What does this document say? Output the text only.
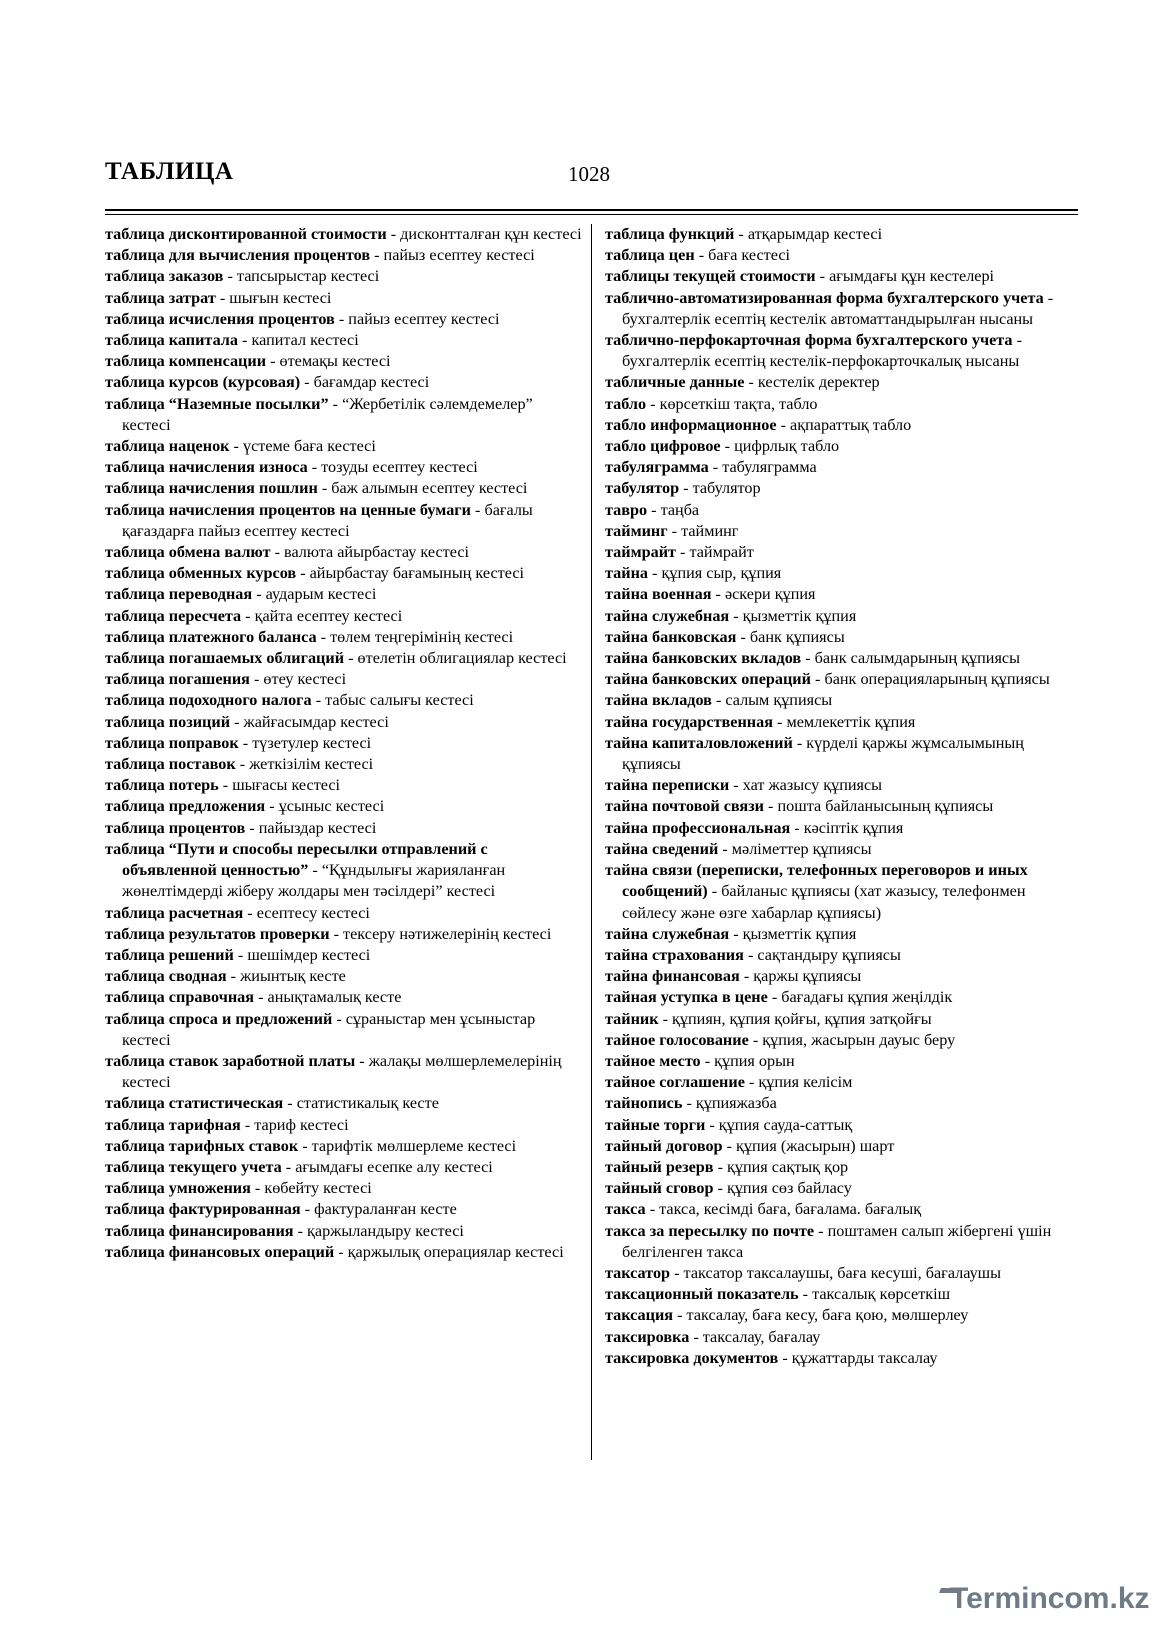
ТАБЛИЦА	1028

таблица дисконтированной стоимости - дисконтталған құн кестесі

таблица для вычисления процентов - пайыз есептеу кестесі

таблица заказов - тапсырыстар кестесі

таблица затрат - шығын кестесі

таблица исчисления процентов - пайыз есептеу кестесі

таблица капитала - капитал кестесі

таблица компенсации - өтемақы кестесі

таблица курсов (курсовая) - бағамдар кестесі

таблица “Наземные посылки” - “Жербетілік сәлемдемелер” кестесі

таблица наценок - үстеме баға кестесі

таблица начисления износа - тозуды есептеу кестесі

таблица начисления пошлин - баж алымын есептеу кестесі

таблица начисления процентов на ценные бумаги - бағалы қағаздарға пайыз есептеу кестесі

таблица обмена валют - валюта айырбастау кестесі

таблица обменных курсов - айырбастау бағамының кестесі

таблица переводная - аударым кестесі

таблица пересчета - қайта есептеу кестесі

таблица платежного баланса - төлем теңгерімінің кестесі

таблица погашаемых облигаций - өтелетін облигациялар кестесі

таблица погашения - өтеу кестесі

таблица подоходного налога - табыс салығы кестесі

таблица позиций - жайғасымдар кестесі

таблица поправок - түзетулер кестесі

таблица поставок - жеткізілім кестесі

таблица потерь - шығасы кестесі

таблица предложения - ұсыныс кестесі

таблица процентов - пайыздар кестесі

таблица “Пути и способы пересылки отправлений с объявленной ценностью” - “Құндылығы жарияланған жөнелтімдерді жіберу жолдары мен тәсілдері” кестесі

таблица расчетная - есептесу кестесі

таблица результатов проверки - тексеру нәтижелерінің кестесі

таблица решений - шешімдер кестесі

таблица сводная - жиынтық кесте

таблица справочная - анықтамалық кесте

таблица спроса и предложений - сұраныстар мен ұсыныстар кестесі

таблица ставок заработной платы - жалақы мөлшерлемелерінің кестесі

таблица статистическая - статистикалық кесте

таблица тарифная - тариф кестесі

таблица тарифных ставок - тарифтік мөлшерлеме кестесі

таблица текущего учета - ағымдағы есепке алу кестесі

таблица умножения - көбейту кестесі

таблица фактурированная - фактураланған кесте

таблица финансирования - қаржыландыру кестесі

таблица финансовых операций - қаржылық операциялар кестесі

таблица функций - атқарымдар кестесі

таблица цен - баға кестесі

таблицы текущей стоимости - ағымдағы құн кестелері

таблично-автоматизированная форма бухгалтерского учета - бухгалтерлік есептің кестелік автоматтандырылған нысаны

таблично-перфокарточная форма бухгалтерского учета - бухгалтерлік есептің кестелік-перфокарточкалық нысаны

табличные данные - кестелік деректер

табло - көрсеткіш тақта, табло

табло информационное - ақпараттық табло

табло цифровое - цифрлық табло

табуляграмма - табуляграмма

табулятор - табулятор

тавро - таңба

тайминг - тайминг

таймрайт - таймрайт

тайна - құпия сыр, құпия

тайна военная - әскери құпия

тайна служебная - қызметтік құпия

тайна банковская - банк құпиясы

тайна банковских вкладов - банк салымдарының құпиясы

тайна банковских операций - банк операцияларының құпиясы

тайна вкладов - салым құпиясы

тайна государственная - мемлекеттік құпия

тайна капиталовложений - күрделі қаржы жұмсалымының құпиясы

тайна переписки - хат жазысу құпиясы

тайна почтовой связи - пошта байланысының құпиясы

тайна профессиональная - кәсіптік құпия

тайна сведений - мәліметтер құпиясы

тайна связи (переписки, телефонных переговоров и иных сообщений) - байланыс құпиясы (хат жазысу, телефонмен сөйлесу және өзге хабарлар құпиясы)

тайна служебная - қызметтік құпия

тайна страхования - сақтандыру құпиясы

тайна финансовая - қаржы құпиясы

тайная уступка в цене - бағадағы құпия жеңілдік

тайник - құпиян, құпия қойғы, құпия затқойғы

тайное голосование - құпия, жасырын дауыс беру

тайное место - құпия орын

тайное соглашение - құпия келісім

тайнопись - құпияжазба

тайные торги - құпия сауда-саттық

тайный договор - құпия (жасырын) шарт

тайный резерв - құпия сақтық қор

тайный сговор - құпия сөз байласу

такса - такса, кесімді баға, бағалама. бағалық

такса за пересылку по почте - поштамен салып жібергені үшін белгіленген такса

таксатор - таксатор таксалаушы, баға кесуші, бағалаушы

таксационный показатель - таксалық көрсеткіш

таксация - таксалау, баға кесу, баға қою, мөлшерлеу

таксировка - таксалау, бағалау

таксировка документов - құжаттарды таксалау

Termincom.kz
